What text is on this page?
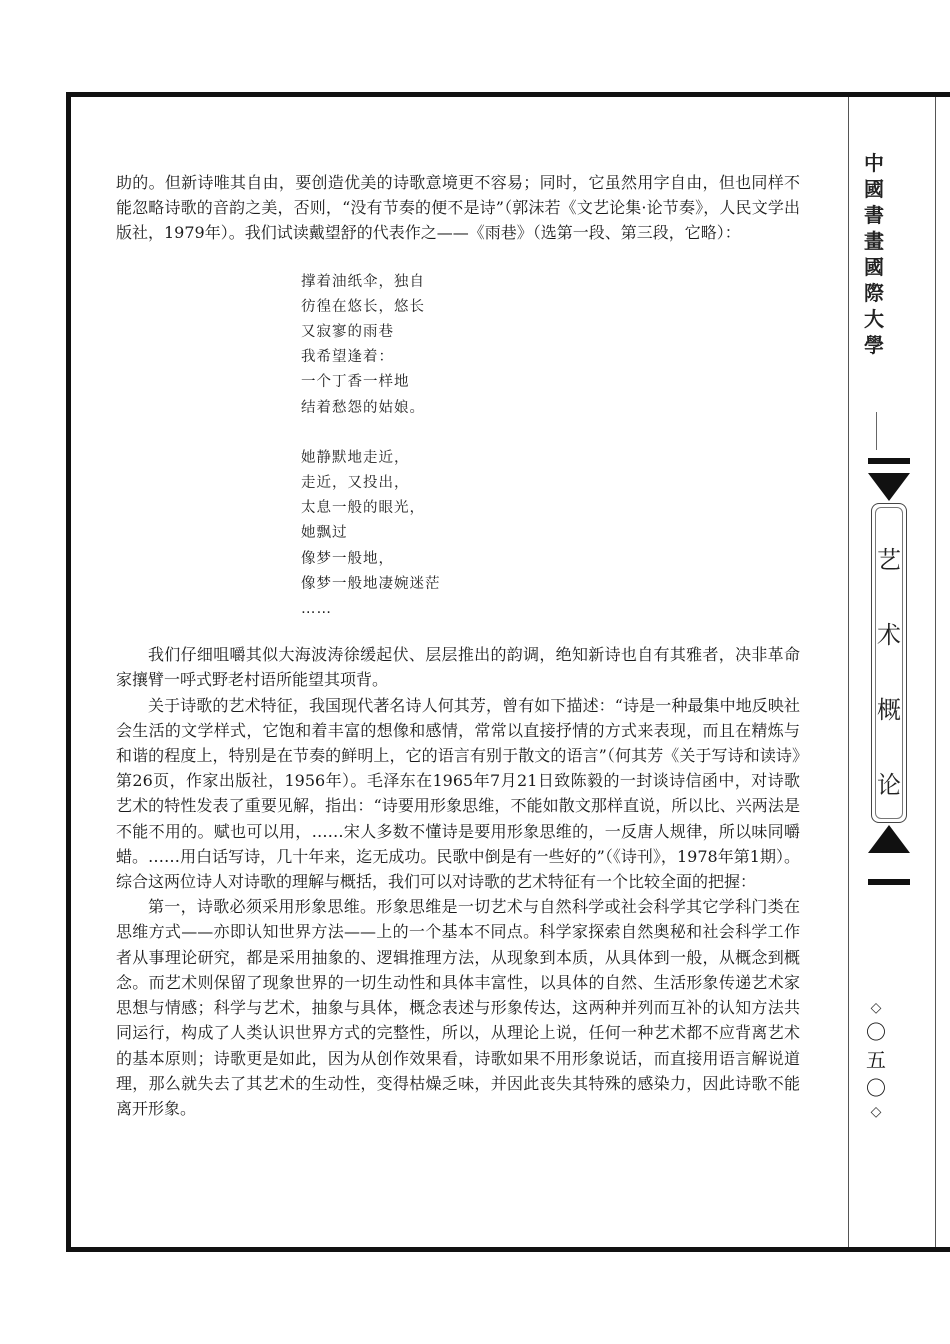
助的。但新诗唯其自由，要创造优美的诗歌意境更不容易；同时，它虽然用字自由，但也同样不能忽略诗歌的音韵之美，否则，“没有节奏的便不是诗”（郭沫若《文艺论集·论节奏》，人民文学出版社，1979年）。我们试读戴望舒的代表作之——《雨巷》（选第一段、第三段，它略）：

撑着油纸伞，独自
彷徨在悠长，悠长
又寂寥的雨巷
我希望逢着：
一个丁香一样地
结着愁怨的姑娘。
她静默地走近，
走近，又投出，
太息一般的眼光，
她飘过
像梦一般地，
像梦一般地凄婉迷茫
……

我们仔细咀嚼其似大海波涛徐缓起伏、层层推出的韵调，绝知新诗也自有其雅者，决非革命家攘臂一呼式野老村语所能望其项背。

关于诗歌的艺术特征，我国现代著名诗人何其芳，曾有如下描述：“诗是一种最集中地反映社会生活的文学样式，它饱和着丰富的想像和感情，常常以直接抒情的方式来表现，而且在精炼与和谐的程度上，特别是在节奏的鲜明上，它的语言有别于散文的语言”（何其芳《关于写诗和读诗》第26页，作家出版社，1956年）。毛泽东在1965年7月21日致陈毅的一封谈诗信函中，对诗歌艺术的特性发表了重要见解，指出：“诗要用形象思维，不能如散文那样直说，所以比、兴两法是不能不用的。赋也可以用，……宋人多数不懂诗是要用形象思维的，一反唐人规律，所以味同嚼蜡。……用白话写诗，几十年来，迄无成功。民歌中倒是有一些好的”（《诗刊》，1978年第1期）。综合这两位诗人对诗歌的理解与概括，我们可以对诗歌的艺术特征有一个比较全面的把握：

第一，诗歌必须采用形象思维。形象思维是一切艺术与自然科学或社会科学其它学科门类在思维方式——亦即认知世界方法——上的一个基本不同点。科学家探索自然奥秘和社会科学工作者从事理论研究，都是采用抽象的、逻辑推理方法，从现象到本质，从具体到一般，从概念到概念。而艺术则保留了现象世界的一切生动性和具体丰富性，以具体的自然、生活形象传递艺术家思想与情感；科学与艺术，抽象与具体，概念表述与形象传达，这两种并列而互补的认知方法共同运行，构成了人类认识世界方式的完整性，所以，从理论上说，任何一种艺术都不应背离艺术的基本原则；诗歌更是如此，因为从创作效果看，诗歌如果不用形象说话，而直接用语言解说道理，那么就失去了其艺术的生动性，变得枯燥乏味，并因此丧失其特殊的感染力，因此诗歌不能离开形象。

中
國
書
畫
國
際
大
學
艺
术
概
论
◇
〇
五
〇
◇
